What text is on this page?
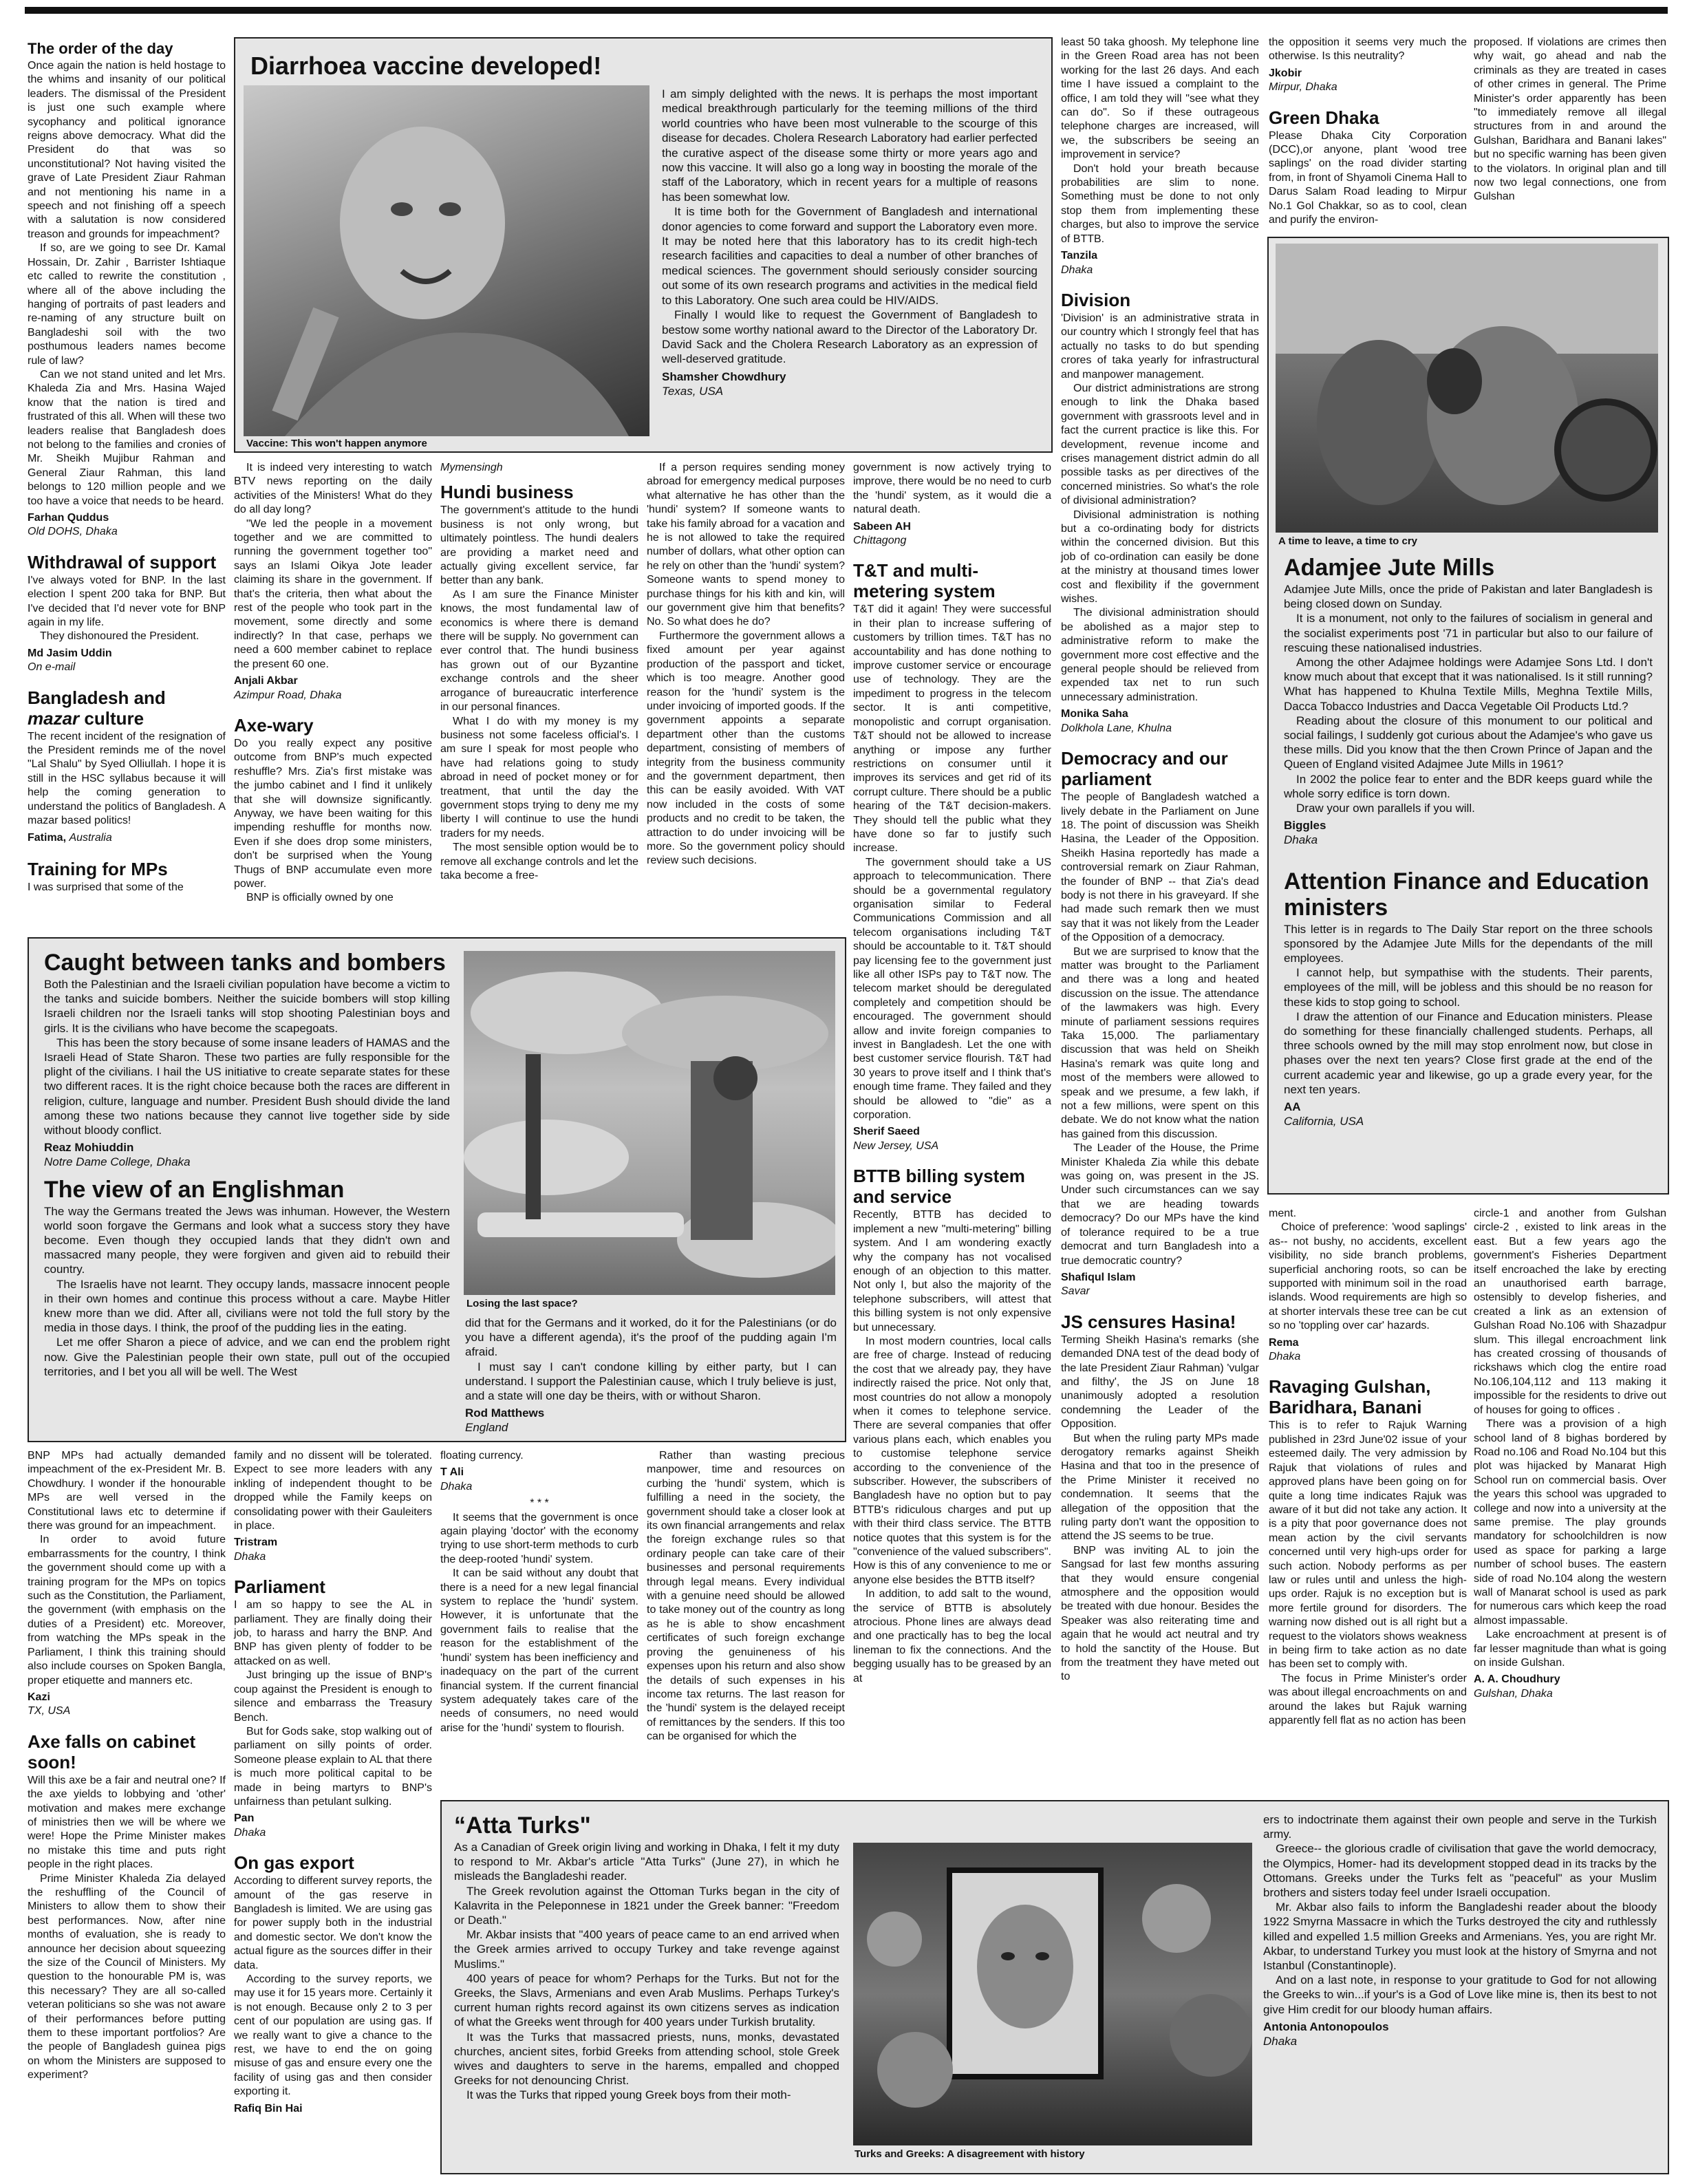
The order of the day

Once again the nation is held hostage to the whims and insanity of our political leaders. The dismissal of the President is just one such example where sycophancy and political ignorance reigns above democracy. What did the President do that was so unconstitutional? Not having visited the grave of Late President Ziaur Rahman and not mentioning his name in a speech and not finishing off a speech with a salutation is now considered treason and grounds for impeachment?

If so, are we going to see Dr. Kamal Hossain, Dr. Zahir , Barrister Ishtiaque etc called to rewrite the constitution , where all of the above including the hanging of portraits of past leaders and re-naming of any structure built on Bangladeshi soil with the two posthumous leaders names become rule of law?

Can we not stand united and let Mrs. Khaleda Zia and Mrs. Hasina Wajed know that the nation is tired and frustrated of this all. When will these two leaders realise that Bangladesh does not belong to the families and cronies of Mr. Sheikh Mujibur Rahman and General Ziaur Rahman, this land belongs to 120 million people and we too have a voice that needs to be heard.

Farhan Quddus
Old DOHS, Dhaka
Withdrawal of support

I've always voted for BNP. In the last election I spent 200 taka for BNP. But I've decided that I'd never vote for BNP again in my life.

They dishonoured the President.

Md Jasim Uddin
On e-mail
Bangladesh and
mazar culture

The recent incident of the resignation of the President reminds me of the novel "Lal Shalu" by Syed Olliullah. I hope it is still in the HSC syllabus because it will help the coming generation to understand the politics of Bangladesh. A mazar based politics!

Fatima, Australia
Training for MPs

I was surprised that some of the

Diarrhoea vaccine developed!
Vaccine: This won't happen anymore

I am simply delighted with the news. It is perhaps the most important medical breakthrough particularly for the teeming millions of the third world countries who have been most vulnerable to the scourge of this disease for decades. Cholera Research Laboratory had earlier perfected the curative aspect of the disease some thirty or more years ago and now this vaccine. It will also go a long way in boosting the morale of the staff of the Laboratory, which in recent years for a multiple of reasons has been somewhat low.

It is time both for the Government of Bangladesh and international donor agencies to come forward and support the Laboratory even more. It may be noted here that this laboratory has to its credit high-tech research facilities and capacities to deal a number of other branches of medical sciences. The government should seriously consider sourcing out some of its own research programs and activities in the medical field to this Laboratory. One such area could be HIV/AIDS.

Finally I would like to request the Government of Bangladesh to bestow some worthy national award to the Director of the Laboratory Dr. David Sack and the Cholera Research Laboratory as an expression of well-deserved gratitude.

Shamsher Chowdhury
Texas, USA

It is indeed very interesting to watch BTV news reporting on the daily activities of the Ministers! What do they do all day long?

"We led the people in a movement together and we are committed to running the government together too" says an Islami Oikya Jote leader claiming its share in the government. If that's the criteria, then what about the rest of the people who took part in the movement, some directly and some indirectly? In that case, perhaps we need a 600 member cabinet to replace the present 60 one.

Anjali Akbar
Azimpur Road, Dhaka
Axe-wary

Do you really expect any positive outcome from BNP's much expected reshuffle? Mrs. Zia's first mistake was the jumbo cabinet and I find it unlikely that she will downsize significantly. Anyway, we have been waiting for this impending reshuffle for months now. Even if she does drop some ministers, don't be surprised when the Young Thugs of BNP accumulate even more power.

BNP is officially owned by one

Mymensingh
Hundi business

The government's attitude to the hundi business is not only wrong, but ultimately pointless. The hundi dealers are providing a market need and actually giving excellent service, far better than any bank.

As I am sure the Finance Minister knows, the most fundamental law of economics is where there is demand there will be supply. No government can ever control that. The hundi business has grown out of our Byzantine exchange controls and the sheer arrogance of bureaucratic interference in our personal finances.

What I do with my money is my business not some faceless official's. I am sure I speak for most people who have had relations going to study abroad in need of pocket money or for treatment, that until the day the government stops trying to deny me my liberty I will continue to use the hundi traders for my needs.

The most sensible option would be to remove all exchange controls and let the taka become a free-

If a person requires sending money abroad for emergency medical purposes what alternative he has other than the 'hundi' system? If someone wants to take his family abroad for a vacation and he is not allowed to take the required number of dollars, what other option can he rely on other than the 'hundi' system? Someone wants to spend money to purchase things for his kith and kin, will our government give him that benefits? No. So what does he do?

Furthermore the government allows a fixed amount per year against production of the passport and ticket, which is too meagre. Another good reason for the 'hundi' system is the under invoicing of imported goods. If the government appoints a separate department other than the customs department, consisting of members of integrity from the business community and the government department, then this can be easily avoided. With VAT now included in the costs of some products and no credit to be taken, the attraction to do under invoicing will be more. So the government policy should review such decisions.

government is now actively trying to improve, there would be no need to curb the 'hundi' system, as it would die a natural death.

Sabeen AH
Chittagong
T&T and multi-metering system

T&T did it again! They were successful in their plan to increase suffering of customers by trillion times. T&T has no accountability and has done nothing to improve customer service or encourage use of technology. They are the impediment to progress in the telecom sector. It is anti competitive, monopolistic and corrupt organisation. T&T should not be allowed to increase anything or impose any further restrictions on consumer until it improves its services and get rid of its corrupt culture. There should be a public hearing of the T&T decision-makers. They should tell the public what they have done so far to justify such increase.

The government should take a US approach to telecommunication. There should be a governmental regulatory organisation similar to Federal Communications Commission and all telecom organisations including T&T should be accountable to it. T&T should pay licensing fee to the government just like all other ISPs pay to T&T now. The telecom market should be deregulated completely and competition should be encouraged. The government should allow and invite foreign companies to invest in Bangladesh. Let the one with best customer service flourish. T&T had 30 years to prove itself and I think that's enough time frame. They failed and they should be allowed to "die" as a corporation.

Sherif Saeed
New Jersey, USA
BTTB billing system and service

Recently, BTTB has decided to implement a new "multi-metering" billing system. And I am wondering exactly why the company has not vocalised enough of an objection to this matter. Not only I, but also the majority of the telephone subscribers, will attest that this billing system is not only expensive but unnecessary.

In most modern countries, local calls are free of charge. Instead of reducing the cost that we already pay, they have indirectly raised the price. Not only that, most countries do not allow a monopoly when it comes to telephone service. There are several companies that offer various plans each, which enables you to customise telephone service according to the convenience of the subscriber. However, the subscribers of Bangladesh have no option but to pay BTTB's ridiculous charges and put up with their third class service. The BTTB notice quotes that this system is for the "convenience of the valued subscribers". How is this of any convenience to me or anyone else besides the BTTB itself?

In addition, to add salt to the wound, the service of BTTB is absolutely atrocious. Phone lines are always dead and one practically has to beg the local lineman to fix the connections. And the begging usually has to be greased by an at

least 50 taka ghoosh. My telephone line in the Green Road area has not been working for the last 26 days. And each time I have issued a complaint to the office, I am told they will "see what they can do". So if these outrageous telephone charges are increased, will we, the subscribers be seeing an improvement in service?

Don't hold your breath because probabilities are slim to none. Something must be done to not only stop them from implementing these charges, but also to improve the service of BTTB.

Tanzila
Dhaka
Division

'Division' is an administrative strata in our country which I strongly feel that has actually no tasks to do but spending crores of taka yearly for infrastructural and manpower management.

Our district administrations are strong enough to link the Dhaka based government with grassroots level and in fact the current practice is like this. For development, revenue income and crises management district admin do all possible tasks as per directives of the concerned ministries. So what's the role of divisional administration?

Divisional administration is nothing but a co-ordinating body for districts within the concerned division. But this job of co-ordination can easily be done at the ministry at thousand times lower cost and flexibility if the government wishes.

The divisional administration should be abolished as a major step to administrative reform to make the government more cost effective and the general people should be relieved from expended tax net to run such unnecessary administration.

Monika Saha
Dolkhola Lane, Khulna
Democracy and our parliament

The people of Bangladesh watched a lively debate in the Parliament on June 18. The point of discussion was Sheikh Hasina, the Leader of the Opposition. Sheikh Hasina reportedly has made a controversial remark on Ziaur Rahman, the founder of BNP -- that Zia's dead body is not there in his graveyard. If she had made such remark then we must say that it was not likely from the Leader of the Opposition of a democracy.

But we are surprised to know that the matter was brought to the Parliament and there was a long and heated discussion on the issue. The attendance of the lawmakers was high. Every minute of parliament sessions requires Taka 15,000. The parliamentary discussion that was held on Sheikh Hasina's remark was quite long and most of the members were allowed to speak and we presume, a few lakh, if not a few millions, were spent on this debate. We do not know what the nation has gained from this discussion.

The Leader of the House, the Prime Minister Khaleda Zia while this debate was going on, was present in the JS. Under such circumstances can we say that we are heading towards democracy? Do our MPs have the kind of tolerance required to be a true democrat and turn Bangladesh into a true democratic country?

Shafiqul Islam
Savar
JS censures Hasina!

Terming Sheikh Hasina's remarks (she demanded DNA test of the dead body of the late President Ziaur Rahman) 'vulgar and filthy', the JS on June 18 unanimously adopted a resolution condemning the Leader of the Opposition.

But when the ruling party MPs made derogatory remarks against Sheikh Hasina and that too in the presence of the Prime Minister it received no condemnation. It seems that the allegation of the opposition that the ruling party don't want the opposition to attend the JS seems to be true.

BNP was inviting AL to join the Sangsad for last few months assuring that they would ensure congenial atmosphere and the opposition would be treated with due honour. Besides the Speaker was also reiterating time and again that he would act neutral and try to hold the sanctity of the House. But from the treatment they have meted out to

the opposition it seems very much the otherwise. Is this neutrality?

Jkobir
Mirpur, Dhaka
Green Dhaka

Please Dhaka City Corporation (DCC),or anyone, plant 'wood tree saplings' on the road divider starting from, in front of Shyamoli Cinema Hall to Darus Salam Road leading to Mirpur No.1 Gol Chakkar, so as to cool, clean and purify the environ-

proposed. If violations are crimes then why wait, go ahead and nab the criminals as they are treated in cases of other crimes in general. The Prime Minister's order apparently has been "to immediately remove all illegal structures from in and around the Gulshan, Baridhara and Banani lakes" but no specific warning has been given to the violators. In original plan and till now two legal connections, one from Gulshan

A time to leave, a time to cry
Adamjee Jute Mills

Adamjee Jute Mills, once the pride of Pakistan and later Bangladesh is being closed down on Sunday.

It is a monument, not only to the failures of socialism in general and the socialist experiments post '71 in particular but also to our failure of rescuing these nationalised industries.

Among the other Adajmee holdings were Adamjee Sons Ltd. I don't know much about that except that it was nationalised. Is it still running? What has happened to Khulna Textile Mills, Meghna Textile Mills, Dacca Tobacco Industries and Dacca Vegetable Oil Products Ltd.?

Reading about the closure of this monument to our political and social failings, I suddenly got curious about the Adamjee's who gave us these mills. Did you know that the then Crown Prince of Japan and the Queen of England visited Adajmee Jute Mills in 1961?

In 2002 the police fear to enter and the BDR keeps guard while the whole sorry edifice is torn down.

Draw your own parallels if you will.

Biggles
Dhaka
Attention Finance and Education ministers

This letter is in regards to The Daily Star report on the three schools sponsored by the Adamjee Jute Mills for the dependants of the mill employees.

I cannot help, but sympathise with the students. Their parents, employees of the mill, will be jobless and this should be no reason for these kids to stop going to school.

I draw the attention of our Finance and Education ministers. Please do something for these financially challenged students. Perhaps, all three schools owned by the mill may stop enrolment now, but close in phases over the next ten years? Close first grade at the end of the current academic year and likewise, go up a grade every year, for the next ten years.

AA
California, USA
Caught between tanks and bombers

Both the Palestinian and the Israeli civilian population have become a victim to the tanks and suicide bombers. Neither the suicide bombers will stop killing Israeli children nor the Israeli tanks will stop shooting Palestinian boys and girls. It is the civilians who have become the scapegoats.

This has been the story because of some insane leaders of HAMAS and the Israeli Head of State Sharon. These two parties are fully responsible for the plight of the civilians. I hail the US initiative to create separate states for these two different races. It is the right choice because both the races are different in religion, culture, language and number. President Bush should divide the land among these two nations because they cannot live together side by side without bloody conflict.

Reaz Mohiuddin
Notre Dame College, Dhaka
The view of an Englishman

The way the Germans treated the Jews was inhuman. However, the Western world soon forgave the Germans and look what a success story they have become. Even though they occupied lands that they didn't own and massacred many people, they were forgiven and given aid to rebuild their country.

The Israelis have not learnt. They occupy lands, massacre innocent people in their own homes and continue this process without a care. Maybe Hitler knew more than we did. After all, civilians were not told the full story by the media in those days. I think, the proof of the pudding lies in the eating.

Let me offer Sharon a piece of advice, and we can end the problem right now. Give the Palestinian people their own state, pull out of the occupied territories, and I bet you all will be well. The West

Losing the last space?

did that for the Germans and it worked, do it for the Palestinians (or do you have a different agenda), it's the proof of the pudding again I'm afraid.

I must say I can't condone killing by either party, but I can understand. I support the Palestinian cause, which I truly believe is just, and a state will one day be theirs, with or without Sharon.

Rod Matthews
England

Rather than wasting precious manpower, time and resources on curbing the 'hundi' system, which is fulfilling a need in the society, the government should take a closer look at its own financial arrangements and relax the foreign exchange rules so that ordinary people can take care of their businesses and personal requirements through legal means. Every individual with a genuine need should be allowed to take money out of the country as long as he is able to show encashment certificates of such foreign exchange proving the genuineness of his expenses upon his return and also show the details of such expenses in his income tax returns. The last reason for the 'hundi' system is the delayed receipt of remittances by the senders. If this too can be organised for which the

ment.

Choice of preference: 'wood saplings' as-- not bushy, no accidents, excellent visibility, no side branch problems, superficial anchoring roots, so can be supported with minimum soil in the road islands. Wood requirements are high so at shorter intervals these tree can be cut so no 'toppling over car' hazards.

Rema
Dhaka
Ravaging Gulshan, Baridhara, Banani

This is to refer to Rajuk Warning published in 23rd June'02 issue of your esteemed daily. The very admission by Rajuk that violations of rules and approved plans have been going on for quite a long time indicates Rajuk was aware of it but did not take any action. It is a pity that poor governance does not mean action by the civil servants concerned until very high-ups order for such action. Nobody performs as per law or rules until and unless the high-ups order. Rajuk is no exception but is more fertile ground for disorders. The warning now dished out is all right but a request to the violators shows weakness in being firm to take action as no date has been set to comply with.

The focus in Prime Minister's order was about illegal encroachments on and around the lakes but Rajuk warning apparently fell flat as no action has been

circle-1 and another from Gulshan circle-2 , existed to link areas in the east. But a few years ago the government's Fisheries Department itself encroached the lake by erecting an unauthorised earth barrage, ostensibly to develop fisheries, and created a link as an extension of Gulshan Road No.106 with Shazadpur slum. This illegal encroachment link has created crossing of thousands of rickshaws which clog the entire road No.106,104,112 and 113 making it impossible for the residents to drive out of houses for going to offices .

There was a provision of a high school land of 8 bighas bordered by Road no.106 and Road No.104 but this plot was hijacked by Manarat High School run on commercial basis. Over the years this school was upgraded to college and now into a university at the same premise. The play grounds mandatory for schoolchildren is now used as space for parking a large number of school buses. The eastern side of road No.104 along the western wall of Manarat school is used as park for numerous cars which keep the road almost impassable.

Lake encroachment at present is of far lesser magnitude than what is going on inside Gulshan.

A. A. Choudhury
Gulshan, Dhaka

BNP MPs had actually demanded impeachment of the ex-President Mr. B. Chowdhury. I wonder if the honourable MPs are well versed in the Constitutional laws etc to determine if there was ground for an impeachment.

In order to avoid future embarrassments for the country, I think the government should come up with a training program for the MPs on topics such as the Constitution, the Parliament, the government (with emphasis on the duties of a President) etc. Moreover, from watching the MPs speak in the Parliament, I think this training should also include courses on Spoken Bangla, proper etiquette and manners etc.

Kazi
TX, USA
Axe falls on cabinet soon!

Will this axe be a fair and neutral one? If the axe yields to lobbying and 'other' motivation and makes mere exchange of ministries then we will be where we were! Hope the Prime Minister makes no mistake this time and puts right people in the right places.

Prime Minister Khaleda Zia delayed the reshuffling of the Council of Ministers to allow them to show their best performances. Now, after nine months of evaluation, she is ready to announce her decision about squeezing the size of the Council of Ministers. My question to the honourable PM is, was this necessary? They are all so-called veteran politicians so she was not aware of their performances before putting them to these important portfolios? Are the people of Bangladesh guinea pigs on whom the Ministers are supposed to experiment?

family and no dissent will be tolerated. Expect to see more leaders with any inkling of independent thought to be dropped while the Family keeps on consolidating power with their Gauleiters in place.

Tristram
Dhaka
Parliament

I am so happy to see the AL in parliament. They are finally doing their job, to harass and harry the BNP. And BNP has given plenty of fodder to be attacked on as well.

Just bringing up the issue of BNP's coup against the President is enough to silence and embarrass the Treasury Bench.

But for Gods sake, stop walking out of parliament on silly points of order. Someone please explain to AL that there is much more political capital to be made in being martyrs to BNP's unfairness than petulant sulking.

Pan
Dhaka
On gas export

According to different survey reports, the amount of the gas reserve in Bangladesh is limited. We are using gas for power supply both in the industrial and domestic sector. We don't know the actual figure as the sources differ in their data.

According to the survey reports, we may use it for 15 years more. Certainly it is not enough. Because only 2 to 3 per cent of our population are using gas. If we really want to give a chance to the rest, we have to end the on going misuse of gas and ensure every one the facility of using gas and then consider exporting it.

Rafiq Bin Hai

floating currency.

T Ali
Dhaka
* * *

It seems that the government is once again playing 'doctor' with the economy trying to use short-term methods to curb the deep-rooted 'hundi' system.

It can be said without any doubt that there is a need for a new legal financial system to replace the 'hundi' system. However, it is unfortunate that the government fails to realise that the reason for the establishment of the 'hundi' system has been inefficiency and inadequacy on the part of the current financial system. If the current financial system adequately takes care of the needs of consumers, no need would arise for the 'hundi' system to flourish.

“Atta Turks"

As a Canadian of Greek origin living and working in Dhaka, I felt it my duty to respond to Mr. Akbar's article "Atta Turks" (June 27), in which he misleads the Bangladeshi reader.

The Greek revolution against the Ottoman Turks began in the city of Kalavrita in the Peleponnese in 1821 under the Greek banner: "Freedom or Death."

Mr. Akbar insists that "400 years of peace came to an end arrived when the Greek armies arrived to occupy Turkey and take revenge against Muslims."

400 years of peace for whom? Perhaps for the Turks. But not for the Greeks, the Slavs, Armenians and even Arab Muslims. Perhaps Turkey's current human rights record against its own citizens serves as indication of what the Greeks went through for 400 years under Turkish brutality.

It was the Turks that massacred priests, nuns, monks, devastated churches, ancient sites, forbid Greeks from attending school, stole Greek wives and daughters to serve in the harems, empalled and chopped Greeks for not denouncing Christ.

It was the Turks that ripped young Greek boys from their moth-

Turks and Greeks: A disagreement with history

ers to indoctrinate them against their own people and serve in the Turkish army.

Greece-- the glorious cradle of civilisation that gave the world democracy, the Olympics, Homer- had its development stopped dead in its tracks by the Ottomans. Greeks under the Turks felt as "peaceful" as your Muslim brothers and sisters today feel under Israeli occupation.

Mr. Akbar also fails to inform the Bangladeshi reader about the bloody 1922 Smyrna Massacre in which the Turks destroyed the city and ruthlessly killed and expelled 1.5 million Greeks and Armenians. Yes, you are right Mr. Akbar, to understand Turkey you must look at the history of Smyrna and not Istanbul (Constantinople).

And on a last note, in response to your gratitude to God for not allowing the Greeks to win...if your's is a God of Love like mine is, then its best to not give Him credit for our bloody human affairs.

Antonia Antonopoulos
Dhaka
